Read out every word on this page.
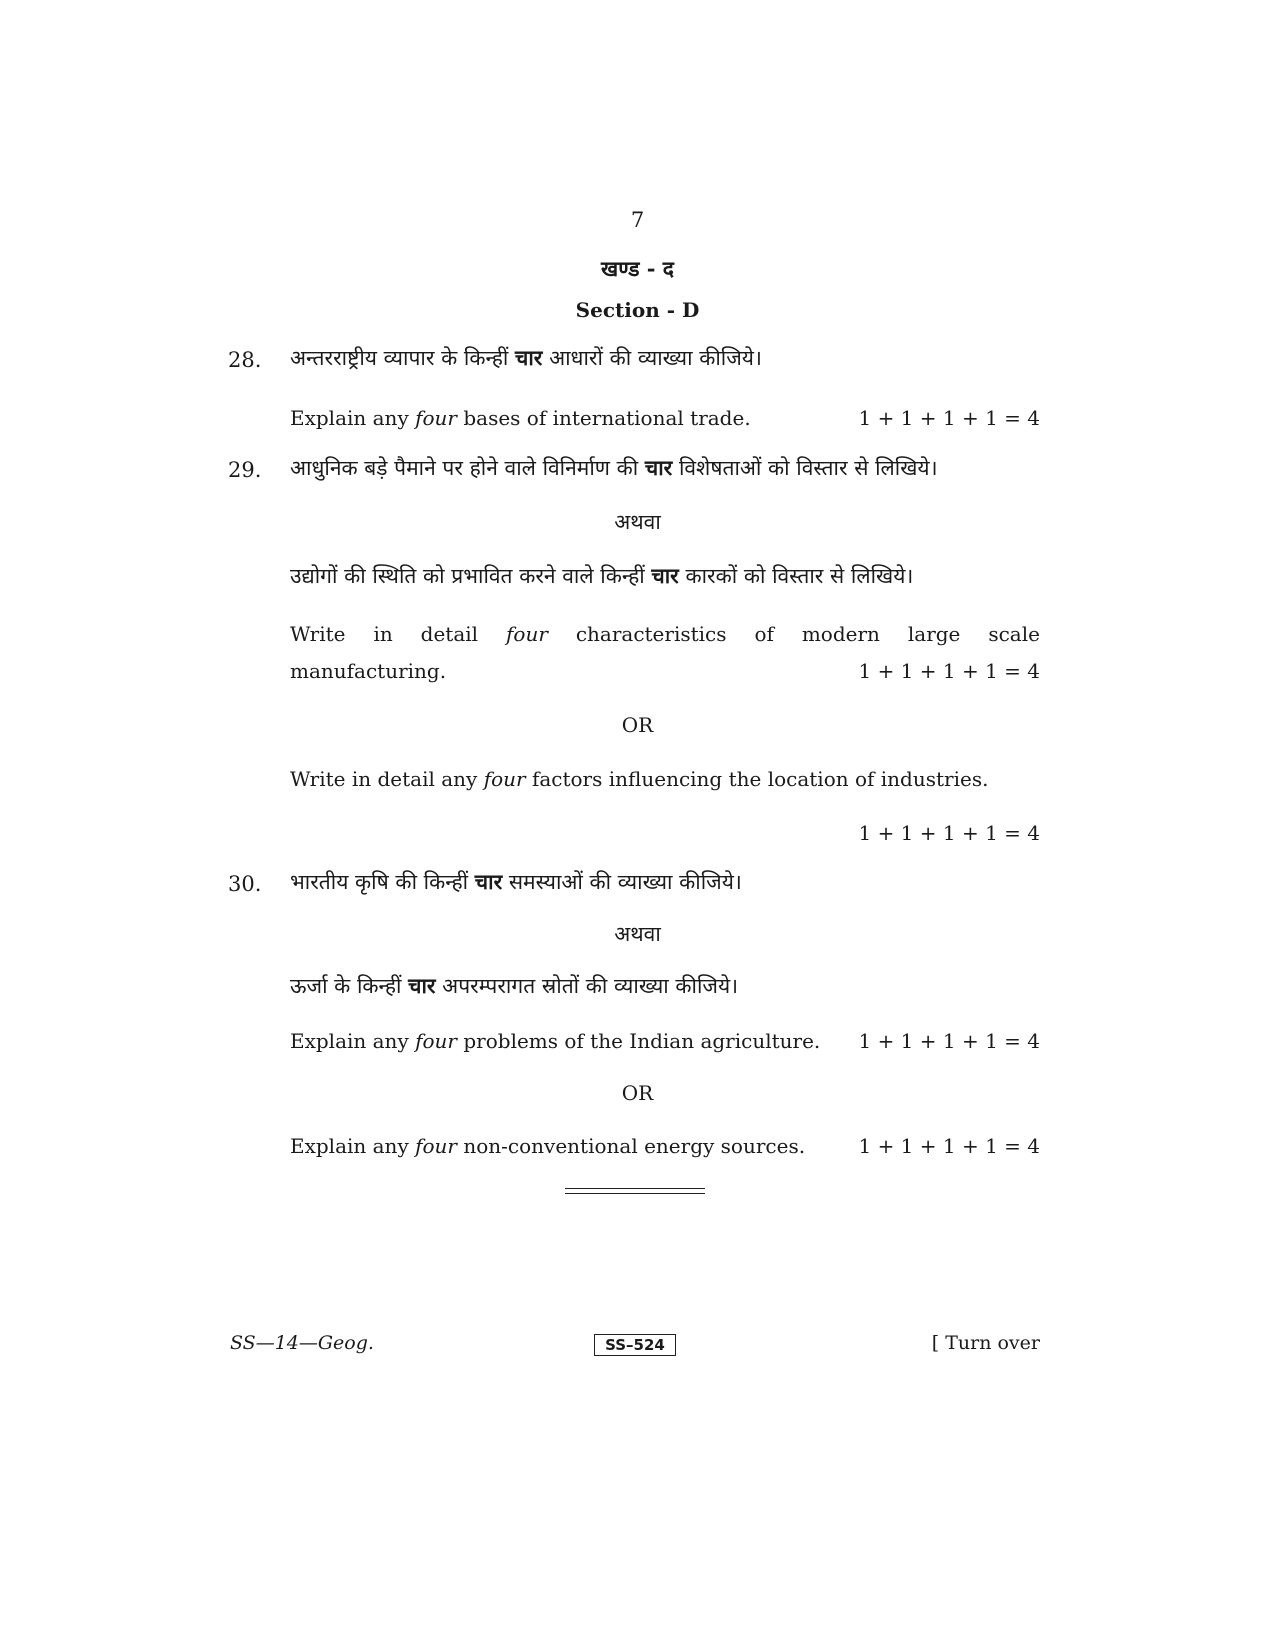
7
खण्ड - द
Section - D
28. अन्तरराष्ट्रीय व्यापार के किन्हीं चार आधारों की व्याख्या कीजिये।
Explain any four bases of international trade.	1 + 1 + 1 + 1 = 4
29. आधुनिक बड़े पैमाने पर होने वाले विनिर्माण की चार विशेषताओं को विस्तार से लिखिये।
अथवा
उद्योगों की स्थिति को प्रभावित करने वाले किन्हीं चार कारकों को विस्तार से लिखिये।
Write in detail four characteristics of modern large scale
manufacturing.	1 + 1 + 1 + 1 = 4
OR
Write in detail any four factors influencing the location of industries.
1 + 1 + 1 + 1 = 4
30. भारतीय कृषि की किन्हीं चार समस्याओं की व्याख्या कीजिये।
अथवा
ऊर्जा के किन्हीं चार अपरम्परागत स्रोतों की व्याख्या कीजिये।
Explain any four problems of the Indian agriculture.	1 + 1 + 1 + 1 = 4
OR
Explain any four non-conventional energy sources.	1 + 1 + 1 + 1 = 4
SS—14—Geog.	SS–524	[ Turn over
